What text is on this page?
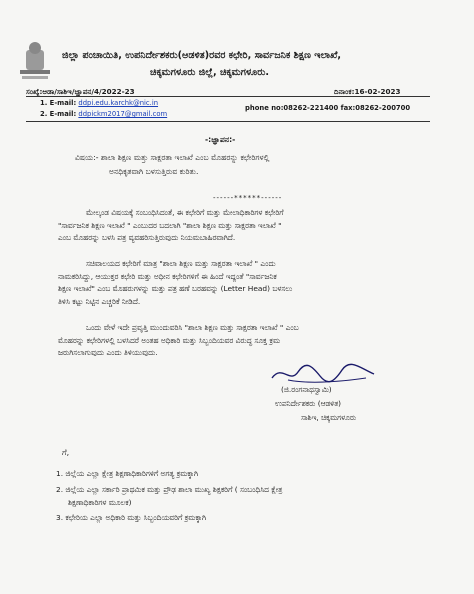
ಜಿಲ್ಲಾ ಪಂಚಾಯಿತಿ, ಉಪನಿರ್ದೇಶಕರು(ಆಡಳಿತ)ರವರ ಕಛೇರಿ, ಸಾರ್ವಜನಿಕ ಶಿಕ್ಷಣ ಇಲಾಖೆ,
ಚಿಕ್ಕಮಗಳೂರು ಜಿಲ್ಲೆ, ಚಿಕ್ಕಮಗಳೂರು.
ಸಂಖ್ಯೆ:ಆಡಾ/ಸಾಶಿಇ/ಜ್ಞಾಪನ/4/2022-23	ದಿನಾಂಕ:16-02-2023
1. E-mail: ddpi.edu.karchk@nic.in
2. E-mail: ddpickm2017@gmail.com
phone no:08262-221400 fax:08262-200700
-:ಜ್ಞಾಪನ:-
ವಿಷಯ:- ಶಾಲಾ ಶಿಕ್ಷಣ ಮತ್ತು ಸಾಕ್ಷರತಾ ಇಲಾಖೆ ಎಂಬ ಮೊಹರನ್ನು ಕಛೇರಿಗಳಲ್ಲಿ
ಅನಧಿಕೃತವಾಗಿ ಬಳಸುತ್ತಿರುವ ಕುರಿತು.
------******------
ಮೇಲ್ಕಂಡ ವಿಷಯಕ್ಕೆ ಸಂಬಂಧಿಸಿದಂತೆ, ಈ ಕಛೇರಿಗೆ ಮತ್ತು ಮೇಲಾಧಿಕಾರಿಗಳ ಕಛೇರಿಗೆ
"ಸಾರ್ವಜನಿಕ ಶಿಕ್ಷಣ ಇಲಾಖೆ " ಎಂಬುದರ ಬದಲಾಗಿ "ಶಾಲಾ ಶಿಕ್ಷಣ ಮತ್ತು ಸಾಕ್ಷರತಾ ಇಲಾಖೆ "
ಎಂಬ ಮೊಹರನ್ನು ಬಳಸಿ ಪತ್ರ ವ್ಯವಹರಿಸುತ್ತಿರುವುದು ನಿಯಮಬಾಹಿರವಾಗಿದೆ.
ಸಚಿವಾಲಯದ ಕಛೇರಿಗೆ ಮಾತ್ರ "ಶಾಲಾ ಶಿಕ್ಷಣ ಮತ್ತು ಸಾಕ್ಷರತಾ ಇಲಾಖೆ " ಎಂದು
ನಾಮಕರಿಸಿದ್ದು, ಆಯುಕ್ತರ ಕಛೇರಿ ಮತ್ತು ಅಧೀನ ಕಛೇರಿಗಳಿಗೆ ಈ ಹಿಂದೆ ಇದ್ದಂತೆ "ಸಾರ್ವಜನಿಕ
ಶಿಕ್ಷಣ ಇಲಾಖೆ" ಎಂಬ ಮೊಹರುಗಳನ್ನು ಮತ್ತು ಪತ್ರ ಹಣೆ ಬರಹವನ್ನು (Letter Head) ಬಳಸಲು
ತಿಳಿಸಿ ಕಟ್ಟು ನಿಟ್ಟಿನ ಎಚ್ಚರಿಕೆ ನೀಡಿದೆ.
ಒಂದು ವೇಳೆ ಇದೇ ಪ್ರವೃತ್ತಿ ಮುಂದುವರಿಸಿ "ಶಾಲಾ ಶಿಕ್ಷಣ ಮತ್ತು ಸಾಕ್ಷರತಾ ಇಲಾಖೆ " ಎಂಬ
ಮೊಹರನ್ನು ಕಛೇರಿಗಳಲ್ಲಿ ಬಳಸಿದರೆ ಅಂತಹ ಅಧಿಕಾರಿ ಮತ್ತು ಸಿಬ್ಬಂದಿಯವರ ವಿರುದ್ಧ ಸೂಕ್ತ ಕ್ರಮ
ಜರುಗಿಸಲಾಗುವುದು ಎಂದು ತಿಳಿಯುವುದು.
(ಜಿ.ರಂಗನಾಥಸ್ವಾಮಿ)
ಉಪನಿರ್ದೇಶಕರು (ಆಡಳಿತ)
ಸಾಶಿಇ, ಚಿಕ್ಕಮಗಳೂರು
ಗೆ,
1. ಜಿಲ್ಲೆಯ ಎಲ್ಲಾ ಕ್ಷೇತ್ರ ಶಿಕ್ಷಣಾಧಿಕಾರಿಗಳಿಗೆ ಅಗತ್ಯ ಕ್ರಮಕ್ಕಾಗಿ
2. ಜಿಲ್ಲೆಯ ಎಲ್ಲಾ ಸರ್ಕಾರಿ ಪ್ರಾಥಮಿಕ ಮತ್ತು ಪ್ರೌಢ ಶಾಲಾ ಮುಖ್ಯ ಶಿಕ್ಷಕರಿಗೆ ( ಸಂಬಂಧಿಸಿದ ಕ್ಷೇತ್ರ
ಶಿಕ್ಷಣಾಧಿಕಾರಿಗಳ ಮೂಲಕ)
3. ಕಛೇರಿಯ ಎಲ್ಲಾ ಅಧಿಕಾರಿ ಮತ್ತು ಸಿಬ್ಬಂದಿಯವರಿಗೆ ಕ್ರಮಕ್ಕಾಗಿ
